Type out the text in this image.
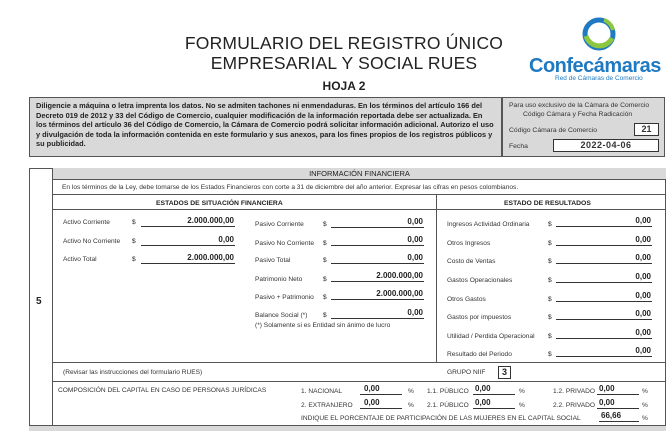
FORMULARIO DEL REGISTRO ÚNICO
EMPRESARIAL Y SOCIAL RUES
HOJA 2
Confecámaras
Red de Cámaras de Comercio
Diligencie a máquina o letra imprenta los datos. No se admiten tachones ni enmendaduras. En los términos del artículo 166 del Decreto 019 de 2012 y 33 del Código de Comercio, cualquier modificación de la información reportada debe ser actualizada. En los términos del artículo 36 del Código de Comercio, la Cámara de Comercio podrá solicitar información adicional. Autorizo el uso y divulgación de toda la información contenida en este formulario y sus anexos, para los fines propios de los registros públicos y su publicidad.
Para uso exclusivo de la Cámara de Comercio
Código Cámara y Fecha Radicación
Código Cámara de Comercio	21
Fecha	2022-04-06
5
INFORMACIÓN FINANCIERA
En los términos de la Ley, debe tomarse de los Estados Financieros con corte a 31 de diciembre del año anterior. Expresar las cifras en pesos colombianos.
ESTADOS DE SITUACIÓN FINANCIERA	ESTADO DE RESULTADOS
Activo Corriente	$	2.000.000,00
Activo No Corriente $	0,00
Activo Total	$	2.000.000,00
Pasivo Corriente	$	0,00
Pasivo No Corriente $	0,00
Pasivo Total	$	0,00
Patrimonio Neto	$	2.000.000,00
Pasivo + Patrimonio $	2.000.000,00
Balance Social (*) $	0,00
(*) Solamente si es Entidad sin ánimo de lucro
Ingresos Actividad Ordinaria	$	0,00
Otros Ingresos	$	0,00
Costo de Ventas	$	0,00
Gastos Operacionales	$	0,00
Otros Gastos	$	0,00
Gastos por impuestos	$	0,00
Utilidad / Perdida Operacional $	0,00
Resultado del Periodo	$	0,00
(Revisar las instrucciones del formulario RUES)	GRUPO NIIF	3
COMPOSICIÓN DEL CAPITAL EN CASO DE PERSONAS JURÍDICAS	1. NACIONAL	0,00	% 1.1. PÚBLICO 0,00	%	1.2. PRIVADO 0,00	%
2. EXTRANJERO	0,00	% 2.1. PÚBLICO 0,00	%	2.2. PRIVADO 0,00	%
INDIQUE EL PORCENTAJE DE PARTICIPACIÓN DE LAS MUJERES EN EL CAPITAL SOCIAL	66,66	%
